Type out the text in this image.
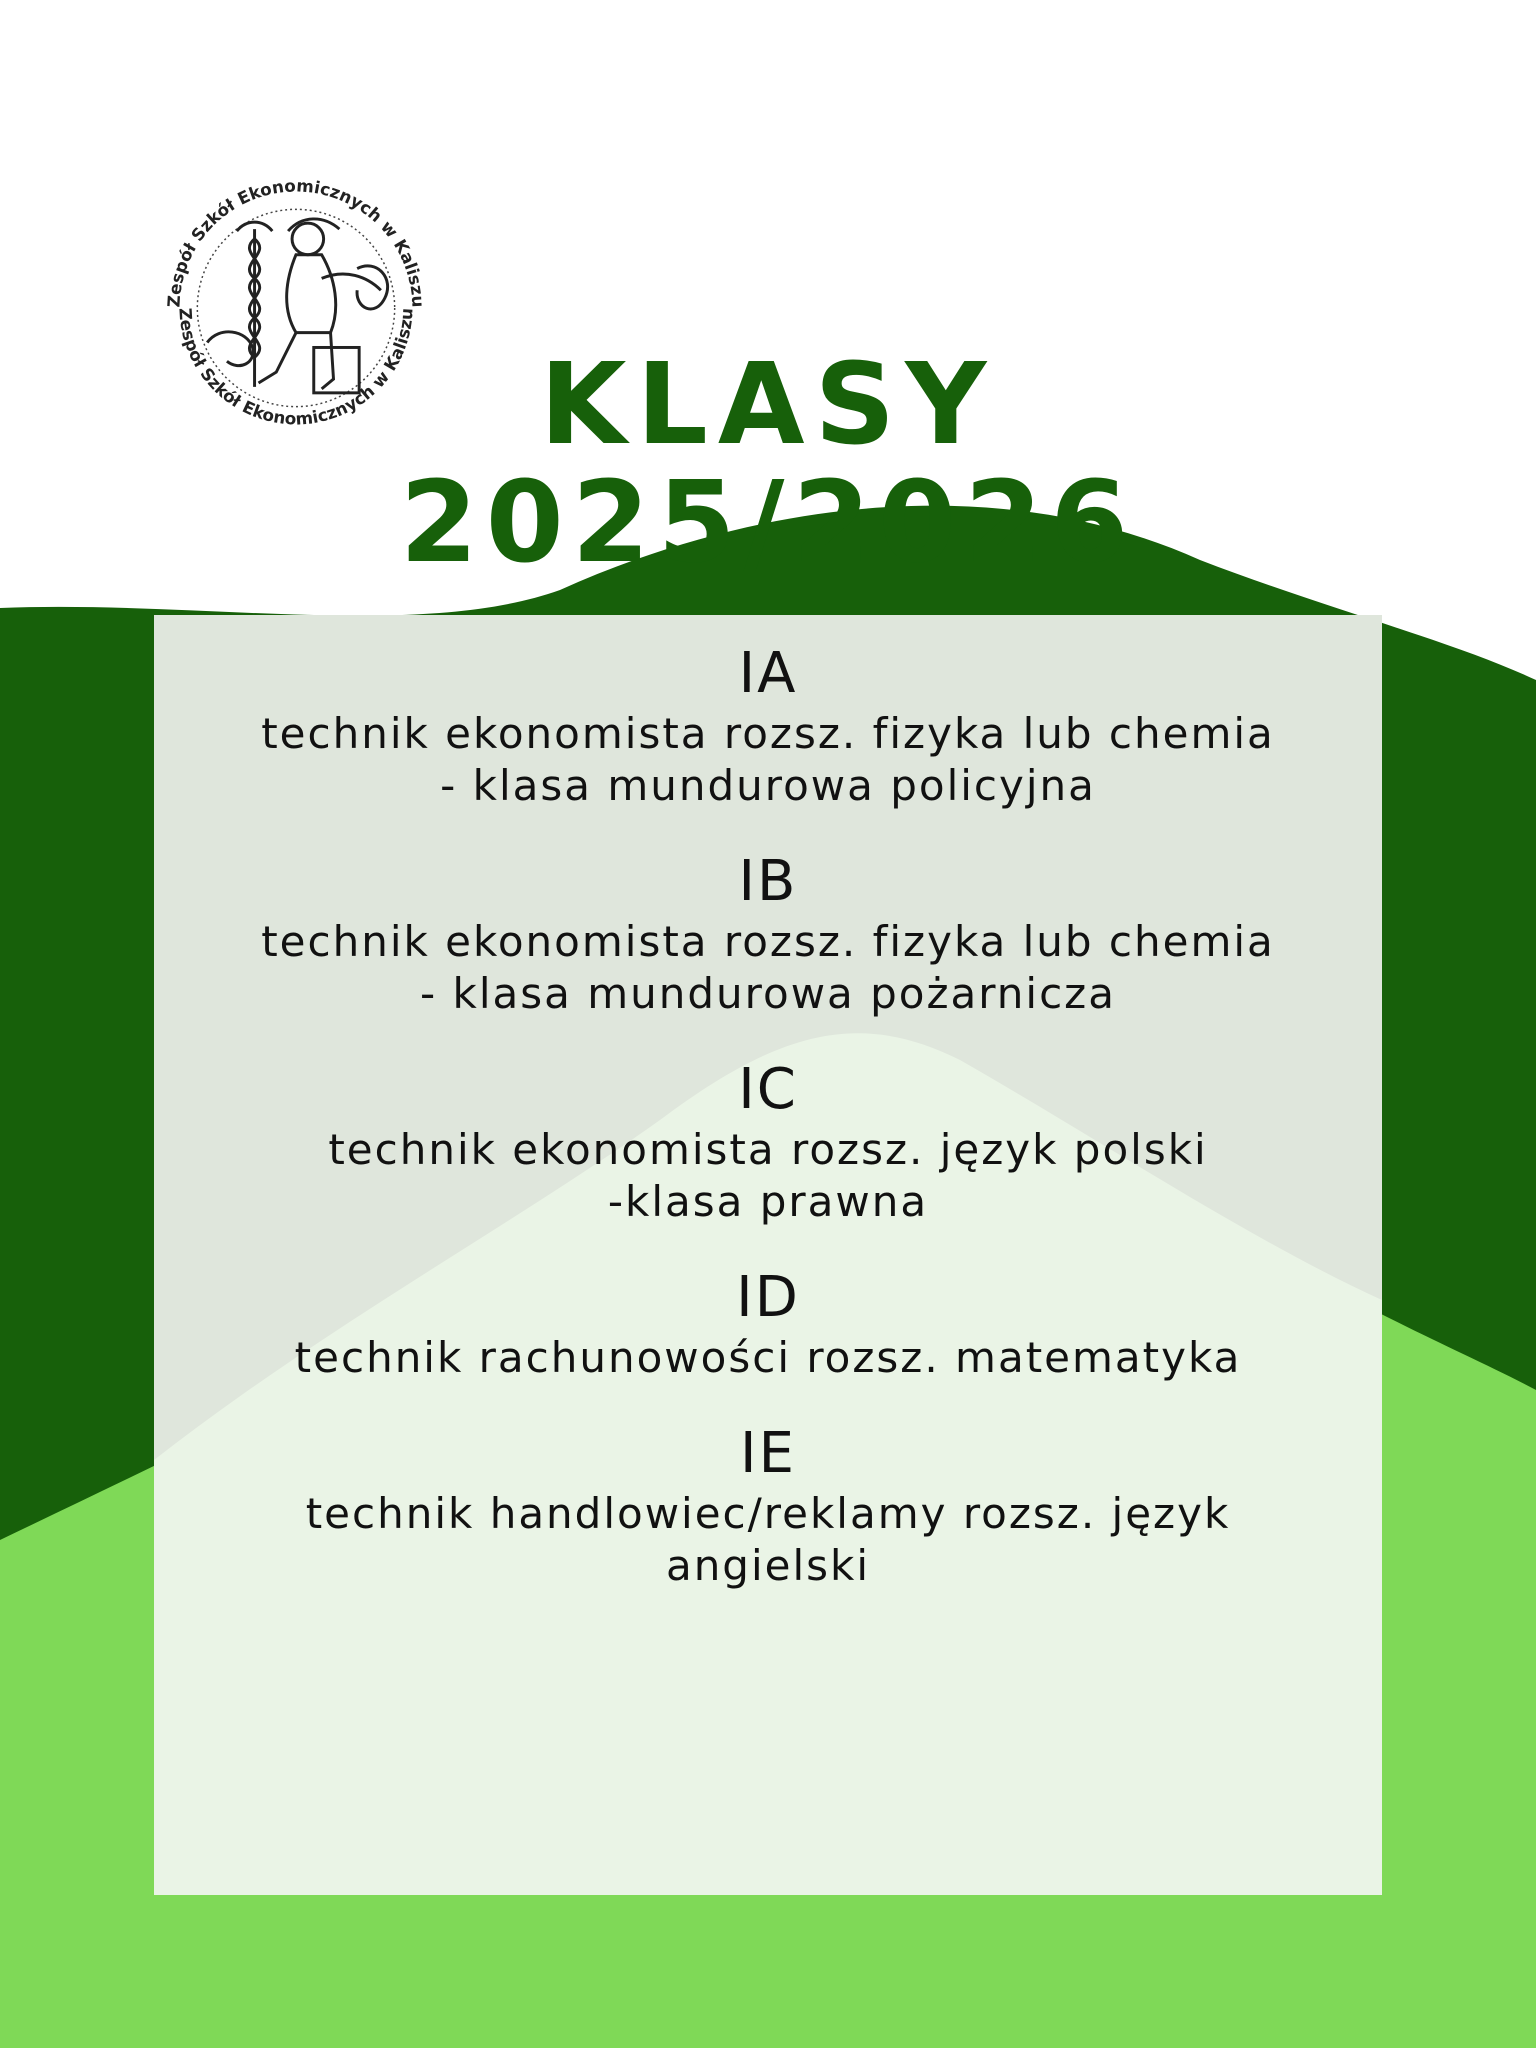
Zespół Szkół Ekonomicznych w Kaliszu
Zespół Szkół Ekonomicznych w Kaliszu
KLASY
2025/2026
IA
technik ekonomista rozsz. fizyka lub chemia
- klasa mundurowa policyjna
IB
technik ekonomista rozsz. fizyka lub chemia
- klasa mundurowa pożarnicza
IC
technik ekonomista rozsz. język polski
-klasa prawna
ID
technik rachunowości rozsz. matematyka
IE
technik handlowiec/reklamy rozsz. język
angielski
